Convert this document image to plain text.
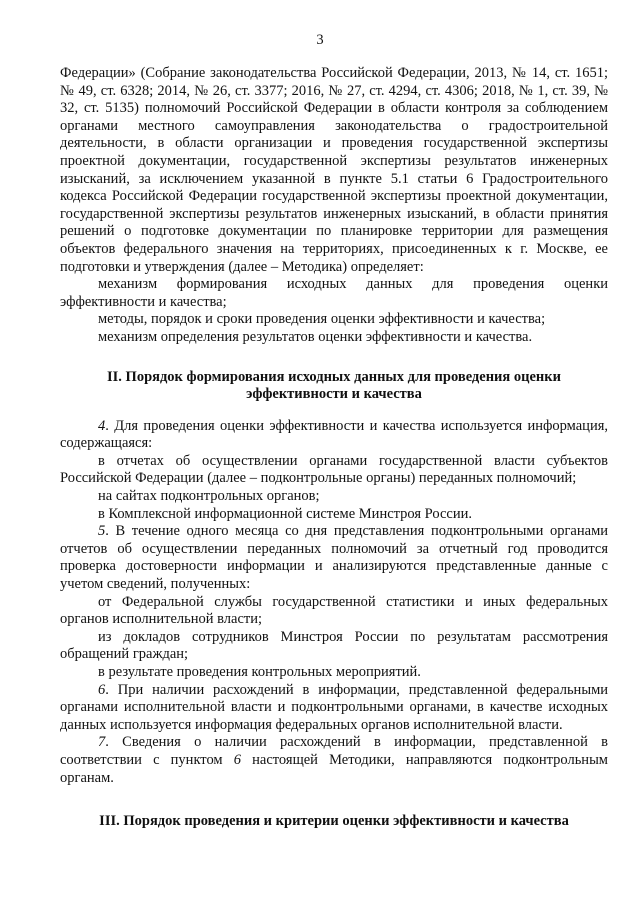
3

Федерации» (Собрание законодательства Российской Федерации, 2013, № 14, ст. 1651; № 49, ст. 6328; 2014, № 26, ст. 3377; 2016, № 27, ст. 4294, ст. 4306; 2018, № 1, ст. 39, № 32, ст. 5135) полномочий Российской Федерации в области контроля за соблюдением органами местного самоуправления законодательства о градостроительной деятельности, в области организации и проведения государственной экспертизы проектной документации, государственной экспертизы результатов инженерных изысканий, за исключением указанной в пункте 5.1 статьи 6 Градостроительного кодекса Российской Федерации государственной экспертизы проектной документации, государственной экспертизы результатов инженерных изысканий, в области принятия решений о подготовке документации по планировке территории для размещения объектов федерального значения на территориях, присоединенных к г. Москве, ее подготовки и утверждения (далее – Методика) определяет:

механизм формирования исходных данных для проведения оценки эффективности и качества;

методы, порядок и сроки проведения оценки эффективности и качества;

механизм определения результатов оценки эффективности и качества.

II. Порядок формирования исходных данных для проведения оценки
эффективности и качества

4. Для проведения оценки эффективности и качества используется информация, содержащаяся:

в отчетах об осуществлении органами государственной власти субъектов Российской Федерации (далее – подконтрольные органы) переданных полномочий;

на сайтах подконтрольных органов;

в Комплексной информационной системе Минстроя России.

5. В течение одного месяца со дня представления подконтрольными органами отчетов об осуществлении переданных полномочий за отчетный год проводится проверка достоверности информации и анализируются представленные данные с учетом сведений, полученных:

от Федеральной службы государственной статистики и иных федеральных органов исполнительной власти;

из докладов сотрудников Минстроя России по результатам рассмотрения обращений граждан;

в результате проведения контрольных мероприятий.

6. При наличии расхождений в информации, представленной федеральными органами исполнительной власти и подконтрольными органами, в качестве исходных данных используется информация федеральных органов исполнительной власти.

7. Сведения о наличии расхождений в информации, представленной в соответствии с пунктом 6 настоящей Методики, направляются подконтрольным органам.

III. Порядок проведения и критерии оценки эффективности и качества
